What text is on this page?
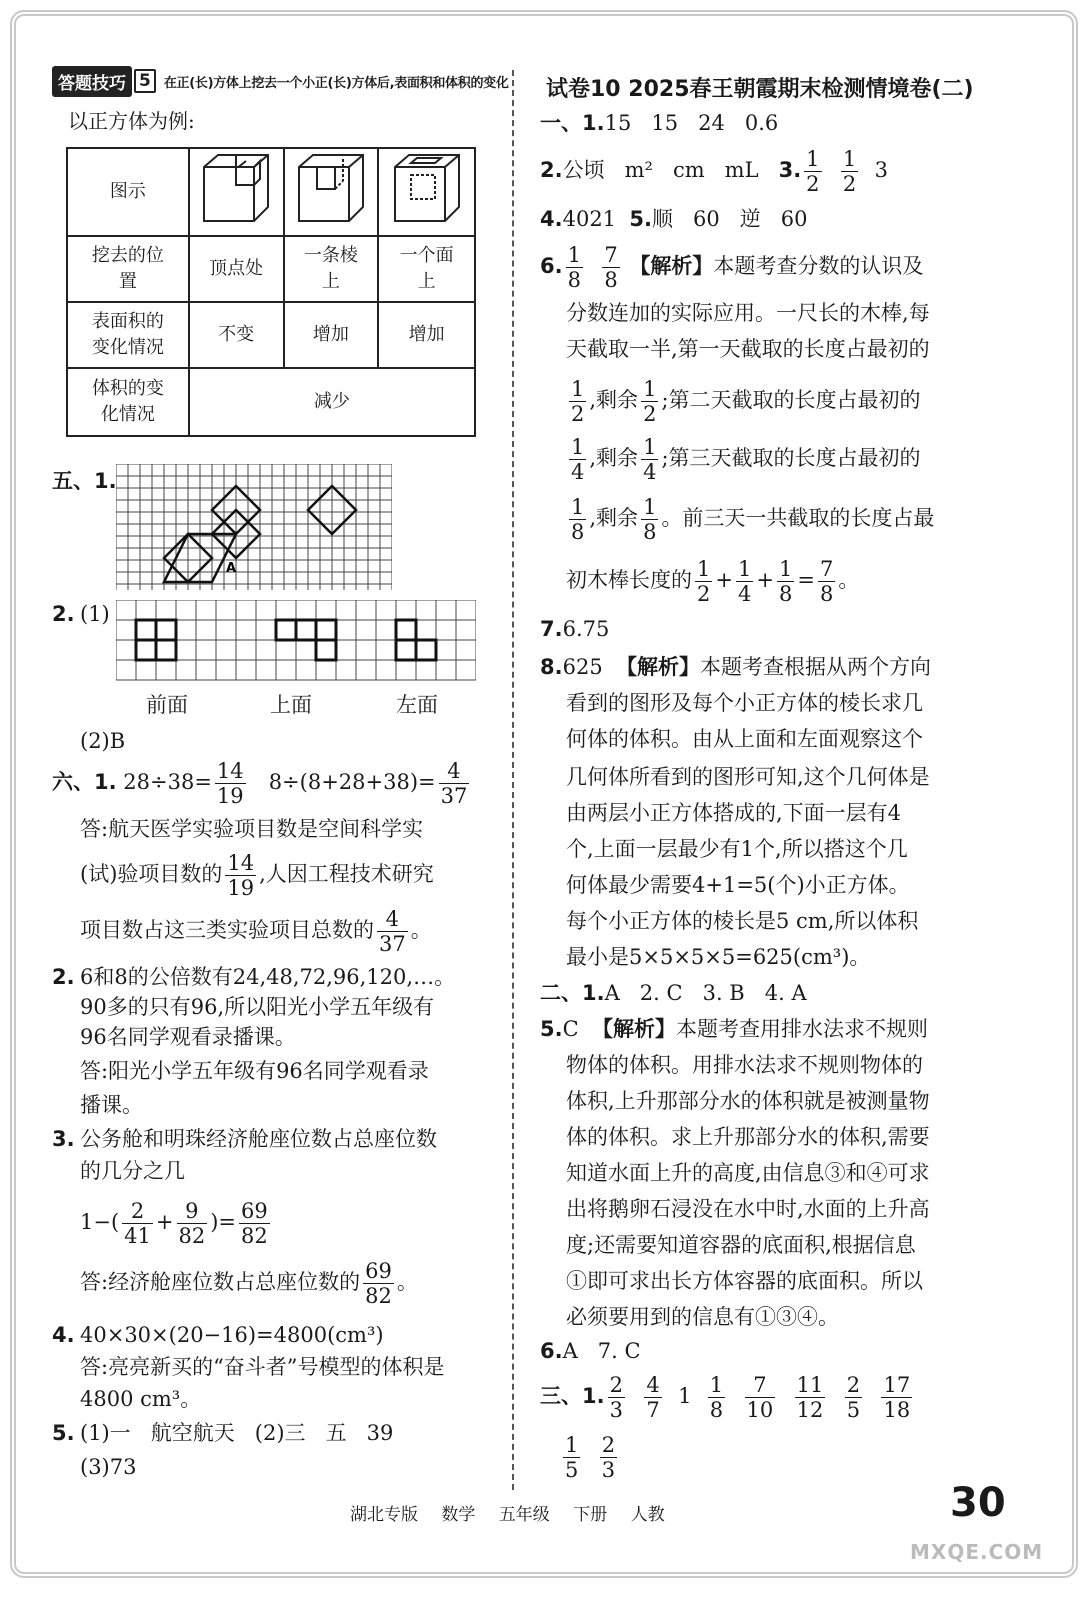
答题技巧 5	在正(长)方体上挖去一个小正(长)方体后,表面积和体积的变化
以正方体为例:
图示			
挖去的位置	顶点处	一条棱上	一个面上
表面积的变化情况	不变	增加	增加
体积的变化情况	减少		
五、1.
A
2. (1)
前面	上面	左面
(2)B
六、1. $28\div 38= \frac{14}{19} 8\div(8+28+38)= \frac{4}{37}$
答:航天医学实验项目数是空间科学实
(试)验项目数的 $\frac{14}{19}$ ,人因工程技术研究
项目数占这三类实验项目总数的 $\frac{4}{37}$ 。
2. 6和8的公倍数有24,48,72,96,120,…。
90多的只有96,所以阳光小学五年级有
96名同学观看录播课。
答:阳光小学五年级有96名同学观看录
播课。
3. 公务舱和明珠经济舱座位数占总座位数
的几分之几
$1-( \frac{2}{41} + \frac{9}{82}$ )= $\frac{69}{82}$
答:经济舱座位数占总座位数的 $\frac{69}{82}$ 。
4. 40×30×(20−16)=4800(cm³)
答:亮亮新买的“奋斗者”号模型的体积是
4800 cm³。
5. (1)一   航空航天   (2)三   五   39
(3)73
试卷10 2025春王朝霞期末检测情境卷(二)
一、1.15   15   24   0.6
2.公顷   m²   cm   mL 3. $\frac{1}{2}$
$\frac{1}{2} 3$
4.4021 5.顺   60   逆   60
6. $\frac{1}{8}$
$\frac{7}{8}$ 【解析】本题考查分数的认识及
分数连加的实际应用。一尺长的木棒,每
天截取一半,第一天截取的长度占最初的
$\frac{1}{2}$ ,剩余 $\frac{1}{2}$ ;第二天截取的长度占最初的
$\frac{1}{4}$ ,剩余 $\frac{1}{4}$ ;第三天截取的长度占最初的
$\frac{1}{8}$ ,剩余 $\frac{1}{8}$ 。前三天一共截取的长度占最
初木棒长度的 $\frac{1}{2} + \frac{1}{4} + \frac{1}{8} = \frac{7}{8}$ 。
7.6.75
8.625 【解析】本题考查根据从两个方向
看到的图形及每个小正方体的棱长求几
何体的体积。由从上面和左面观察这个
几何体所看到的图形可知,这个几何体是
由两层小正方体搭成的,下面一层有4
个,上面一层最少有1个,所以搭这个几
何体最少需要4+1=5(个)小正方体。
每个小正方体的棱长是5 cm,所以体积
最小是5×5×5×5=625(cm³)。
二、1.A   2. C   3. B   4. A
5.C 【解析】本题考查用排水法求不规则
物体的体积。用排水法求不规则物体的
体积,上升那部分水的体积就是被测量物
体的体积。求上升那部分水的体积,需要
知道水面上升的高度,由信息③和④可求
出将鹅卵石浸没在水中时,水面的上升高
度;还需要知道容器的底面积,根据信息
①即可求出长方体容器的底面积。所以
必须要用到的信息有①③④。
6.A   7. C
三、1. $\frac{2}{3}$
$\frac{4}{7} 1 \frac{1}{8}$
$\frac{7}{10}$
$\frac{11}{12}$
$\frac{2}{5}$
$\frac{17}{18}$
$\frac{1}{5}$
$\frac{2}{3}$
湖北专版 数学 五年级 下册 人教	30
MXQE.COM
